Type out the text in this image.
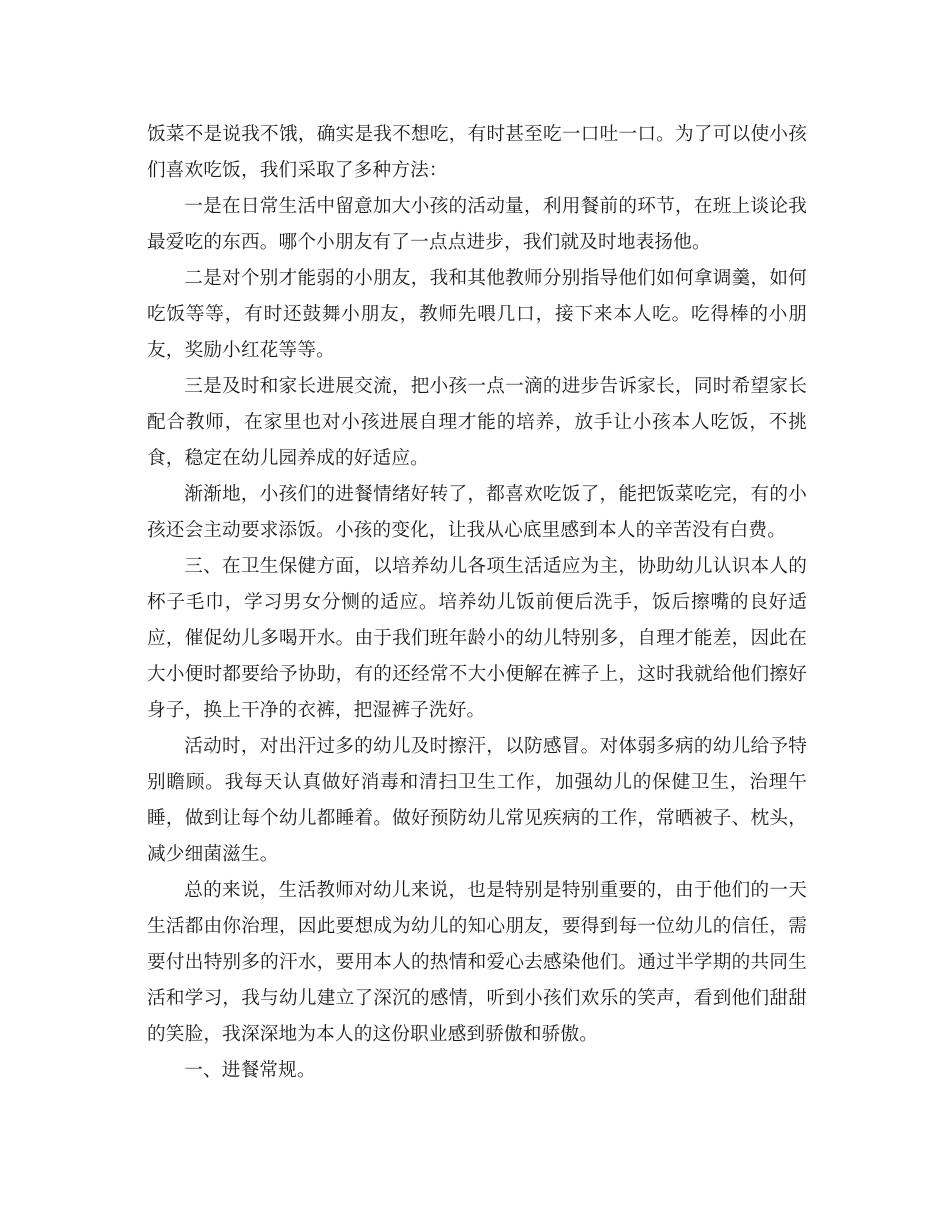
饭菜不是说我不饿，确实是我不想吃，有时甚至吃一口吐一口。为了可以使小孩们喜欢吃饭，我们采取了多种方法：

一是在日常生活中留意加大小孩的活动量，利用餐前的环节，在班上谈论我最爱吃的东西。哪个小朋友有了一点点进步，我们就及时地表扬他。

二是对个别才能弱的小朋友，我和其他教师分别指导他们如何拿调羹，如何吃饭等等，有时还鼓舞小朋友，教师先喂几口，接下来本人吃。吃得棒的小朋友，奖励小红花等等。

三是及时和家长进展交流，把小孩一点一滴的进步告诉家长，同时希望家长配合教师，在家里也对小孩进展自理才能的培养，放手让小孩本人吃饭，不挑食，稳定在幼儿园养成的好适应。

渐渐地，小孩们的进餐情绪好转了，都喜欢吃饭了，能把饭菜吃完，有的小孩还会主动要求添饭。小孩的变化，让我从心底里感到本人的辛苦没有白费。

三、在卫生保健方面，以培养幼儿各项生活适应为主，协助幼儿认识本人的杯子毛巾，学习男女分恻的适应。培养幼儿饭前便后洗手，饭后擦嘴的良好适应，催促幼儿多喝开水。由于我们班年龄小的幼儿特别多，自理才能差，因此在大小便时都要给予协助，有的还经常不大小便解在裤子上，这时我就给他们擦好身子，换上干净的衣裤，把湿裤子洗好。

活动时，对出汗过多的幼儿及时擦汗，以防感冒。对体弱多病的幼儿给予特别瞻顾。我每天认真做好消毒和清扫卫生工作，加强幼儿的保健卫生，治理午睡，做到让每个幼儿都睡着。做好预防幼儿常见疾病的工作，常晒被子、枕头，减少细菌滋生。

总的来说，生活教师对幼儿来说，也是特别是特别重要的，由于他们的一天生活都由你治理，因此要想成为幼儿的知心朋友，要得到每一位幼儿的信任，需要付出特别多的汗水，要用本人的热情和爱心去感染他们。通过半学期的共同生活和学习，我与幼儿建立了深沉的感情，听到小孩们欢乐的笑声，看到他们甜甜的笑脸，我深深地为本人的这份职业感到骄傲和骄傲。

一、进餐常规。
